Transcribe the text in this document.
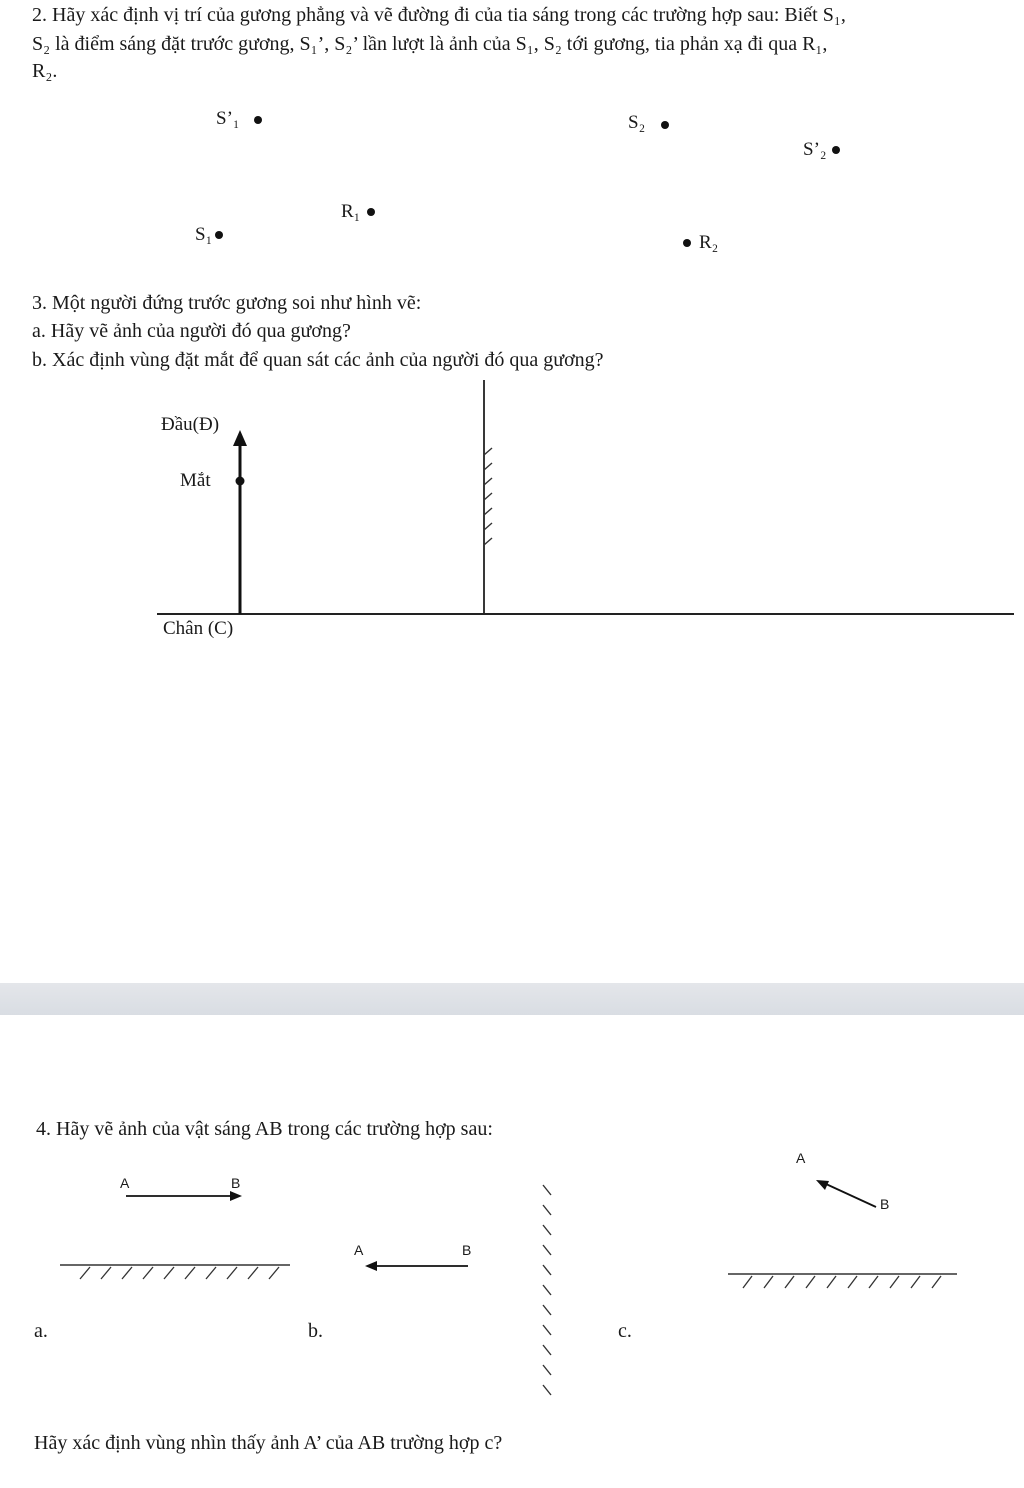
2. Hãy xác định vị trí của gương phẳng và vẽ đường đi của tia sáng trong các trường hợp sau: Biết S₁,
S₂ là điểm sáng đặt trước gương, S₁’, S₂’ lần lượt là ảnh của S₁, S₂ tới gương, tia phản xạ đi qua R₁,
R₂.
S’₁	S₂
S’₂
R₁
S₁	R₂
3. Một người đứng trước gương soi như hình vẽ:
a. Hãy vẽ ảnh của người đó qua gương?
b. Xác định vùng đặt mắt để quan sát các ảnh của người đó qua gương?
Đầu(Đ)
Mắt
Chân (C)
4. Hãy vẽ ảnh của vật sáng AB trong các trường hợp sau:
A	B
A	B
A
B
a.	b.	c.
Hãy xác định vùng nhìn thấy ảnh A’ của AB trường hợp c?
